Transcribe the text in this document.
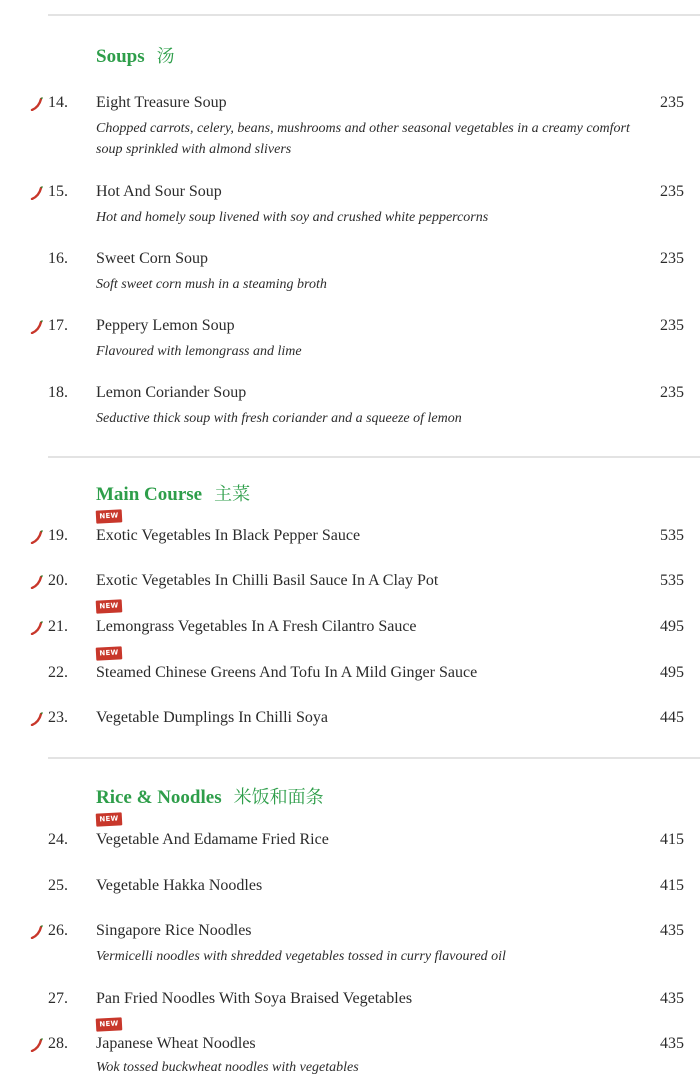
Soups 汤
14.	Eight Treasure Soup	235
Chopped carrots, celery, beans, mushrooms and other seasonal vegetables in a creamy comfort soup sprinkled with almond slivers
15.	Hot And Sour Soup	235
Hot and homely soup livened with soy and crushed white peppercorns
16.	Sweet Corn Soup	235
Soft sweet corn mush in a steaming broth
17.	Peppery Lemon Soup	235
Flavoured with lemongrass and lime
18.	Lemon Coriander Soup	235
Seductive thick soup with fresh coriander and a squeeze of lemon
Main Course 主菜
NEW
19.	Exotic Vegetables In Black Pepper Sauce	535
20.	Exotic Vegetables In Chilli Basil Sauce In A Clay Pot	535
NEW
21.	Lemongrass Vegetables In A Fresh Cilantro Sauce	495
NEW
22.	Steamed Chinese Greens And Tofu In A Mild Ginger Sauce	495
23.	Vegetable Dumplings In Chilli Soya	445
Rice & Noodles 米饭和面条
NEW
24.	Vegetable And Edamame Fried Rice	415
25.	Vegetable Hakka Noodles	415
26.	Singapore Rice Noodles	435
Vermicelli noodles with shredded vegetables tossed in curry flavoured oil
27.	Pan Fried Noodles With Soya Braised Vegetables	435
NEW
28.	Japanese Wheat Noodles	435
Wok tossed buckwheat noodles with vegetables
